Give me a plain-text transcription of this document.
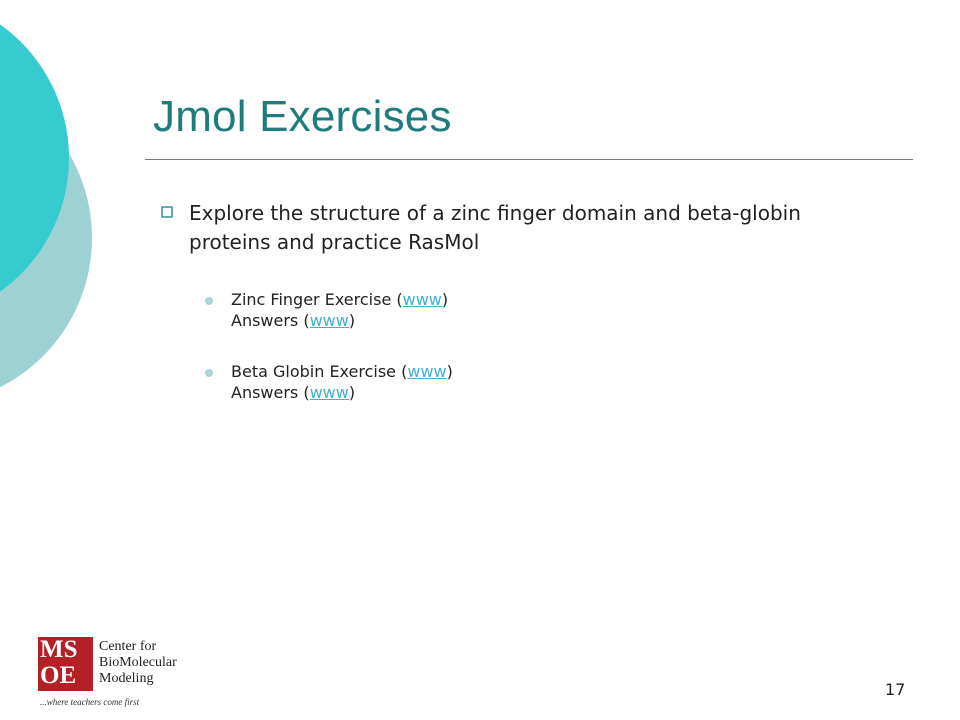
Jmol Exercises
Explore the structure of a zinc finger domain and beta-globin proteins and practice RasMol
Zinc Finger Exercise (www)
Answers (www)
Beta Globin Exercise (www)
Answers (www)
MS
OE
Center for
BioMolecular
Modeling
...where teachers come first
17
